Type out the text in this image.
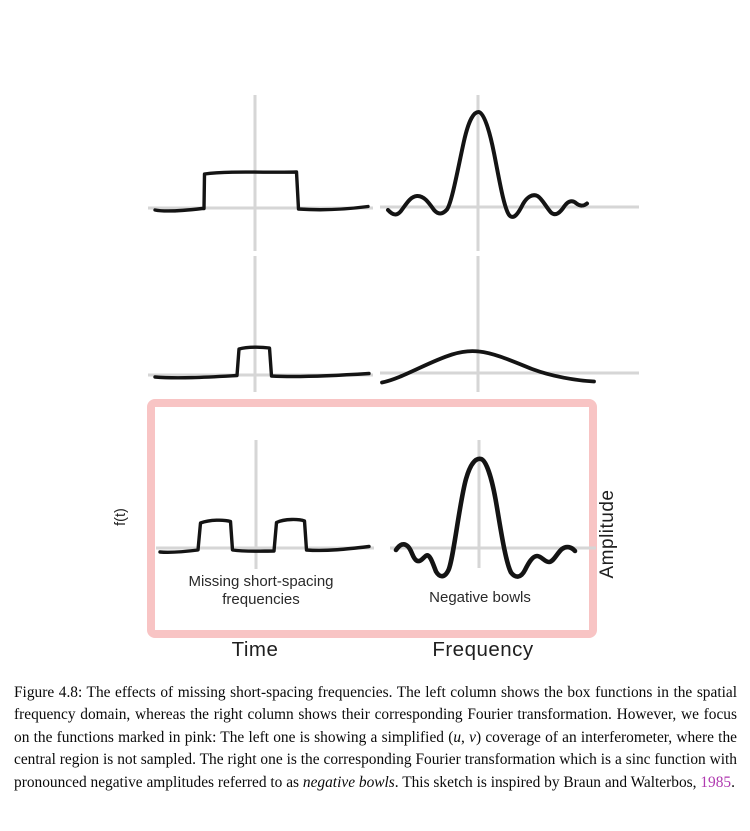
f(t)	Amplitude
Missing short-spacing
frequencies	Negative bowls
Time	Frequency

Figure 4.8: The effects of missing short-spacing frequencies. The left column shows the box functions in the spatial frequency domain, whereas the right column shows their corresponding Fourier transformation. However, we focus on the functions marked in pink: The left one is showing a simplified (u, v) coverage of an interferometer, where the central region is not sampled. The right one is the corresponding Fourier transformation which is a sinc function with pronounced negative amplitudes referred to as negative bowls. This sketch is inspired by Braun and Walterbos, 1985.
